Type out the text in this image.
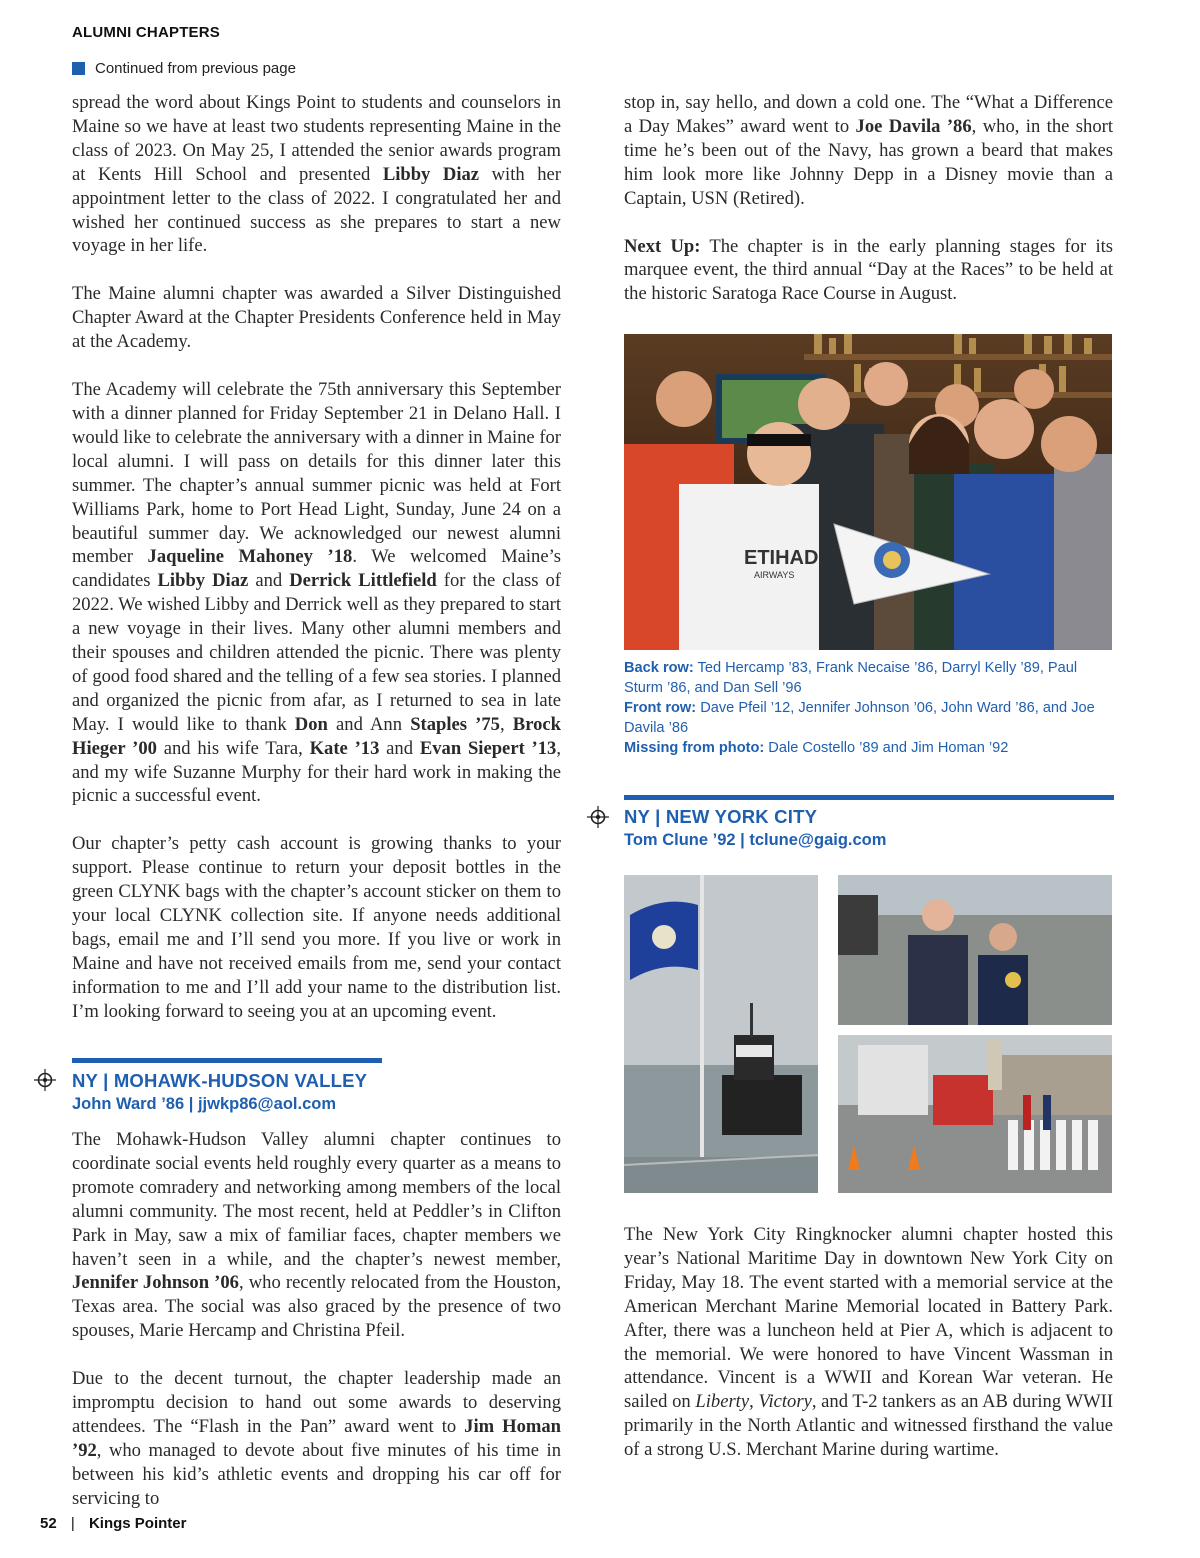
ALUMNI CHAPTERS
Continued from previous page

spread the word about Kings Point to students and counselors in Maine so we have at least two students representing Maine in the class of 2023. On May 25, I attended the senior awards program at Kents Hill School and presented Libby Diaz with her appointment letter to the class of 2022. I congratulated her and wished her continued success as she prepares to start a new voyage in her life.

The Maine alumni chapter was awarded a Silver Distinguished Chapter Award at the Chapter Presidents Conference held in May at the Academy.

The Academy will celebrate the 75th anniversary this September with a dinner planned for Friday September 21 in Delano Hall. I would like to celebrate the anniversary with a dinner in Maine for local alumni. I will pass on details for this dinner later this summer. The chapter’s annual summer picnic was held at Fort Williams Park, home to Port Head Light, Sunday, June 24 on a beautiful summer day. We acknowledged our newest alumni member Jaqueline Mahoney ’18. We welcomed Maine’s candidates Libby Diaz and Derrick Littlefield for the class of 2022. We wished Libby and Derrick well as they prepared to start a new voyage in their lives. Many other alumni members and their spouses and children attended the picnic. There was plenty of good food shared and the telling of a few sea stories. I planned and organized the picnic from afar, as I returned to sea in late May. I would like to thank Don and Ann Staples ’75, Brock Hieger ’00 and his wife Tara, Kate ’13 and Evan Siepert ’13, and my wife Suzanne Murphy for their hard work in making the picnic a successful event.

Our chapter’s petty cash account is growing thanks to your support. Please continue to return your deposit bottles in the green CLYNK bags with the chapter’s account sticker on them to your local CLYNK collection site. If anyone needs additional bags, email me and I’ll send you more. If you live or work in Maine and have not received emails from me, send your contact information to me and I’ll add your name to the distribution list. I’m looking forward to seeing you at an upcoming event.

NY | MOHAWK-HUDSON VALLEY
John Ward ’86 | jjwkp86@aol.com

The Mohawk-Hudson Valley alumni chapter continues to coordinate social events held roughly every quarter as a means to promote comradery and networking among members of the local alumni community. The most recent, held at Peddler’s in Clifton Park in May, saw a mix of familiar faces, chapter members we haven’t seen in a while, and the chapter’s newest member, Jennifer Johnson ’06, who recently relocated from the Houston, Texas area. The social was also graced by the presence of two spouses, Marie Hercamp and Christina Pfeil.

Due to the decent turnout, the chapter leadership made an impromptu decision to hand out some awards to deserving attendees. The “Flash in the Pan” award went to Jim Homan ’92, who managed to devote about five minutes of his time in between his kid’s athletic events and dropping his car off for servicing to

stop in, say hello, and down a cold one. The “What a Difference a Day Makes” award went to Joe Davila ’86, who, in the short time he’s been out of the Navy, has grown a beard that makes him look more like Johnny Depp in a Disney movie than a Captain, USN (Retired).

Next Up: The chapter is in the early planning stages for its marquee event, the third annual “Day at the Races” to be held at the historic Saratoga Race Course in August.

ETIHAD
AIRWAYS
Back row: Ted Hercamp ’83, Frank Necaise ’86, Darryl Kelly ’89, Paul Sturm ’86, and Dan Sell ’96
Front row: Dave Pfeil ’12, Jennifer Johnson ’06, John Ward ’86, and Joe Davila ’86
Missing from photo: Dale Costello ’89 and Jim Homan ’92
NY | NEW YORK CITY
Tom Clune ’92 | tclune@gaig.com

The New York City Ringknocker alumni chapter hosted this year’s National Maritime Day in downtown New York City on Friday, May 18. The event started with a memorial service at the American Merchant Marine Memorial located in Battery Park. After, there was a luncheon held at Pier A, which is adjacent to the memorial. We were honored to have Vincent Wassman in attendance. Vincent is a WWII and Korean War veteran. He sailed on Liberty, Victory, and T-2 tankers as an AB during WWII primarily in the North Atlantic and witnessed firsthand the value of a strong U.S. Merchant Marine during wartime.

52 | Kings Pointer
